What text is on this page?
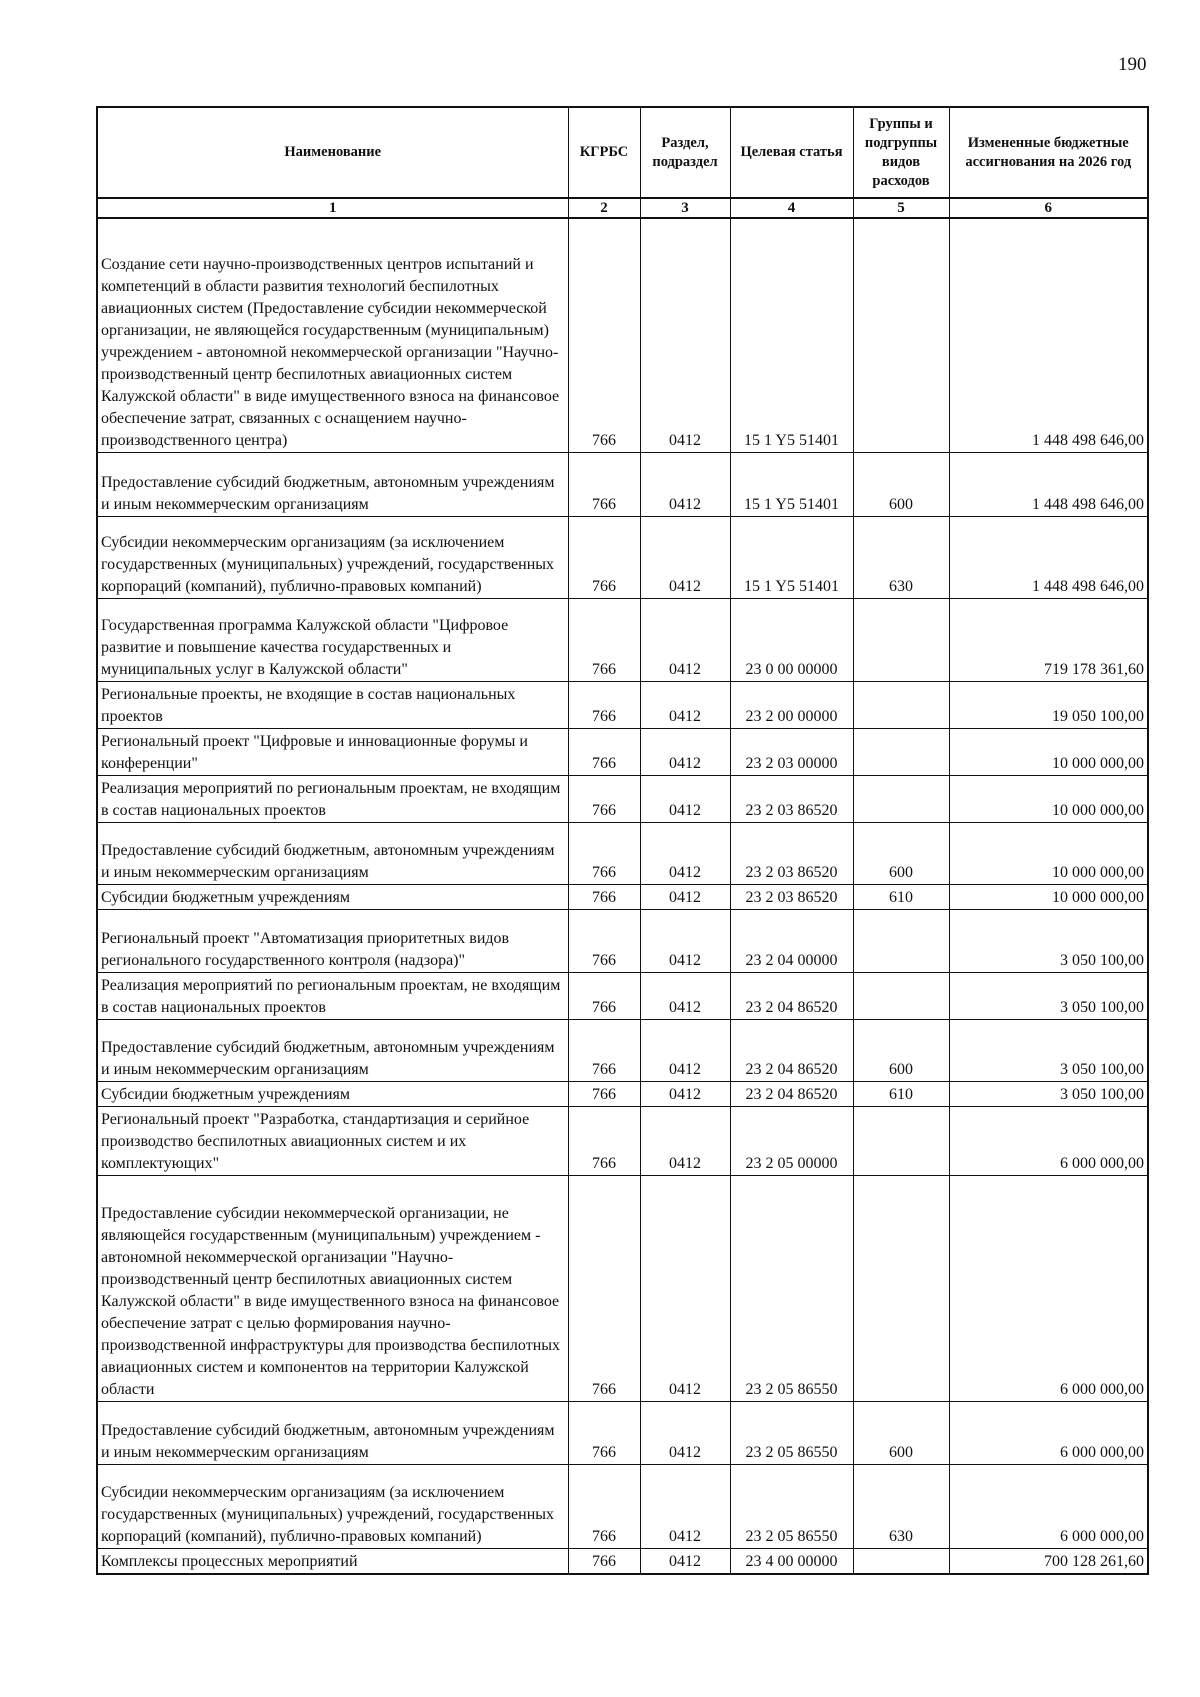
190
Наименование	КГРБС	Раздел, подраздел	Целевая статья	Группы и подгруппы видов расходов	Измененные бюджетные ассигнования на 2026 год
1	2	3	4	5	6
Создание сети научно-производственных центров испытаний и компетенций в области развития технологий беспилотных авиационных систем (Предоставление субсидии некоммерческой организации, не являющейся государственным (муниципальным) учреждением - автономной некоммерческой организации "Научно-производственный центр беспилотных авиационных систем Калужской области" в виде имущественного взноса на финансовое обеспечение затрат, связанных с оснащением научно-производственного центра)	766	0412	15 1 Y5 51401		1 448 498 646,00
Предоставление субсидий бюджетным, автономным учреждениям и иным некоммерческим организациям	766	0412	15 1 Y5 51401	600	1 448 498 646,00
Субсидии некоммерческим организациям (за исключением государственных (муниципальных) учреждений, государственных корпораций (компаний), публично-правовых компаний)	766	0412	15 1 Y5 51401	630	1 448 498 646,00
Государственная программа Калужской области "Цифровое развитие и повышение качества государственных и муниципальных услуг в Калужской области"	766	0412	23 0 00 00000		719 178 361,60
Региональные проекты, не входящие в состав национальных проектов	766	0412	23 2 00 00000		19 050 100,00
Региональный проект "Цифровые и инновационные форумы и конференции"	766	0412	23 2 03 00000		10 000 000,00
Реализация мероприятий по региональным проектам, не входящим в состав национальных проектов	766	0412	23 2 03 86520		10 000 000,00
Предоставление субсидий бюджетным, автономным учреждениям и иным некоммерческим организациям	766	0412	23 2 03 86520	600	10 000 000,00
Субсидии бюджетным учреждениям	766	0412	23 2 03 86520	610	10 000 000,00
Региональный проект "Автоматизация приоритетных видов регионального государственного контроля (надзора)"	766	0412	23 2 04 00000		3 050 100,00
Реализация мероприятий по региональным проектам, не входящим в состав национальных проектов	766	0412	23 2 04 86520		3 050 100,00
Предоставление субсидий бюджетным, автономным учреждениям и иным некоммерческим организациям	766	0412	23 2 04 86520	600	3 050 100,00
Субсидии бюджетным учреждениям	766	0412	23 2 04 86520	610	3 050 100,00
Региональный проект "Разработка, стандартизация и серийное производство беспилотных авиационных систем и их комплектующих"	766	0412	23 2 05 00000		6 000 000,00
Предоставление субсидии некоммерческой организации, не являющейся государственным (муниципальным) учреждением - автономной некоммерческой организации "Научно-производственный центр беспилотных авиационных систем Калужской области" в виде имущественного взноса на финансовое обеспечение затрат с целью формирования научно-производственной инфраструктуры для производства беспилотных авиационных систем и компонентов на территории Калужской области	766	0412	23 2 05 86550		6 000 000,00
Предоставление субсидий бюджетным, автономным учреждениям и иным некоммерческим организациям	766	0412	23 2 05 86550	600	6 000 000,00
Субсидии некоммерческим организациям (за исключением государственных (муниципальных) учреждений, государственных корпораций (компаний), публично-правовых компаний)	766	0412	23 2 05 86550	630	6 000 000,00
Комплексы процессных мероприятий	766	0412	23 4 00 00000		700 128 261,60
